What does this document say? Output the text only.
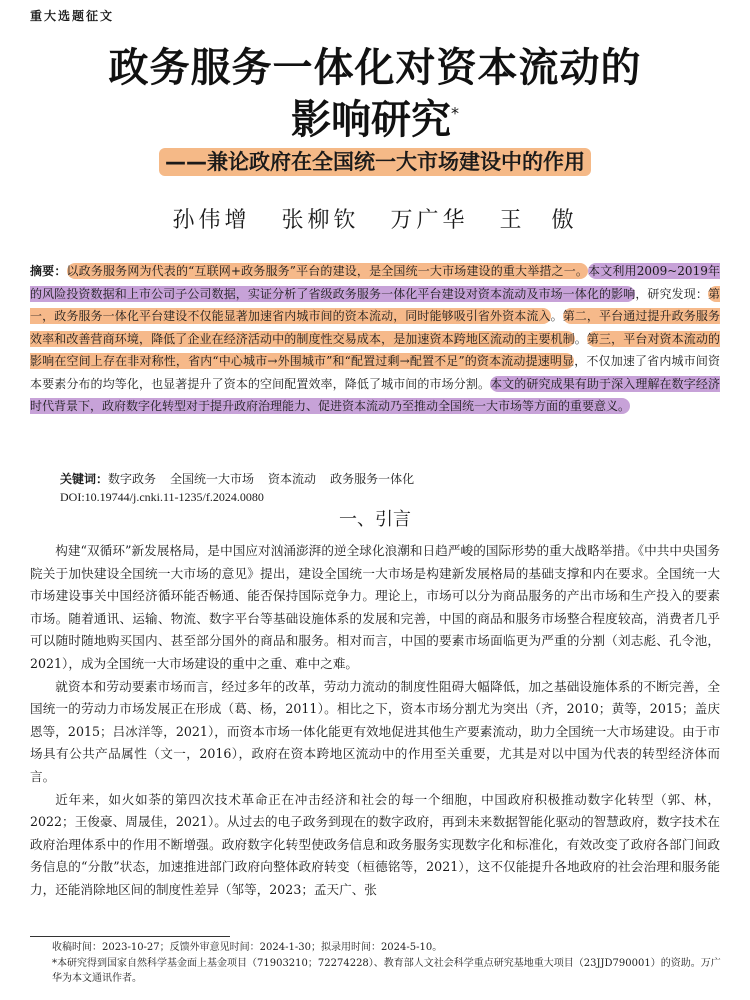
重大选题征文
政务服务一体化对资本流动的
影响研究*
——兼论政府在全国统一大市场建设中的作用
孙伟增 张柳钦 万广华 王　傲
摘要：以政务服务网为代表的“互联网+政务服务”平台的建设，是全国统一大市场建设的重大举措之一。本文利用2009~2019年的风险投资数据和上市公司子公司数据，实证分析了省级政务服务一体化平台建设对资本流动及市场一体化的影响，研究发现：第一，政务服务一体化平台建设不仅能显著加速省内城市间的资本流动，同时能够吸引省外资本流入。第二，平台通过提升政务服务效率和改善营商环境，降低了企业在经济活动中的制度性交易成本，是加速资本跨地区流动的主要机制。第三，平台对资本流动的影响在空间上存在非对称性，省内“中心城市→外围城市”和“配置过剩→配置不足”的资本流动提速明显，不仅加速了省内城市间资本要素分布的均等化，也显著提升了资本的空间配置效率，降低了城市间的市场分割。本文的研究成果有助于深入理解在数字经济时代背景下，政府数字化转型对于提升政府治理能力、促进资本流动乃至推动全国统一大市场等方面的重要意义。
关键词：数字政务 全国统一大市场 资本流动 政务服务一体化
DOI:10.19744/j.cnki.11-1235/f.2024.0080
一、引言

构建“双循环”新发展格局，是中国应对汹涌澎湃的逆全球化浪潮和日趋严峻的国际形势的重大战略举措。《中共中央国务院关于加快建设全国统一大市场的意见》提出，建设全国统一大市场是构建新发展格局的基础支撑和内在要求。全国统一大市场建设事关中国经济循环能否畅通、能否保持国际竞争力。理论上，市场可以分为商品服务的产出市场和生产投入的要素市场。随着通讯、运输、物流、数字平台等基础设施体系的发展和完善，中国的商品和服务市场整合程度较高，消费者几乎可以随时随地购买国内、甚至部分国外的商品和服务。相对而言，中国的要素市场面临更为严重的分割（刘志彪、孔令池，2021），成为全国统一大市场建设的重中之重、难中之难。

就资本和劳动要素市场而言，经过多年的改革，劳动力流动的制度性阻碍大幅降低，加之基础设施体系的不断完善，全国统一的劳动力市场发展正在形成（葛、杨，2011）。相比之下，资本市场分割尤为突出（齐，2010；黄等，2015；盖庆恩等，2015；吕冰洋等，2021），而资本市场一体化能更有效地促进其他生产要素流动，助力全国统一大市场建设。由于市场具有公共产品属性（文一，2016），政府在资本跨地区流动中的作用至关重要，尤其是对以中国为代表的转型经济体而言。

近年来，如火如荼的第四次技术革命正在冲击经济和社会的每一个细胞，中国政府积极推动数字化转型（郭、林，2022；王俊豪、周晟佳，2021）。从过去的电子政务到现在的数字政府，再到未来数据智能化驱动的智慧政府，数字技术在政府治理体系中的作用不断增强。政府数字化转型使政务信息和政务服务实现数字化和标准化，有效改变了政府各部门间政务信息的“分散”状态，加速推进部门政府向整体政府转变（桓德铭等，2021），这不仅能提升各地政府的社会治理和服务能力，还能消除地区间的制度性差异（邹等，2023；孟天广、张

收稿时间：2023-10-27；反馈外审意见时间：2024-1-30；拟录用时间：2024-5-10。
*本研究得到国家自然科学基金面上基金项目（71903210；72274228）、教育部人文社会科学重点研究基地重大项目（23JJD790001）的资助。万广华为本文通讯作者。
